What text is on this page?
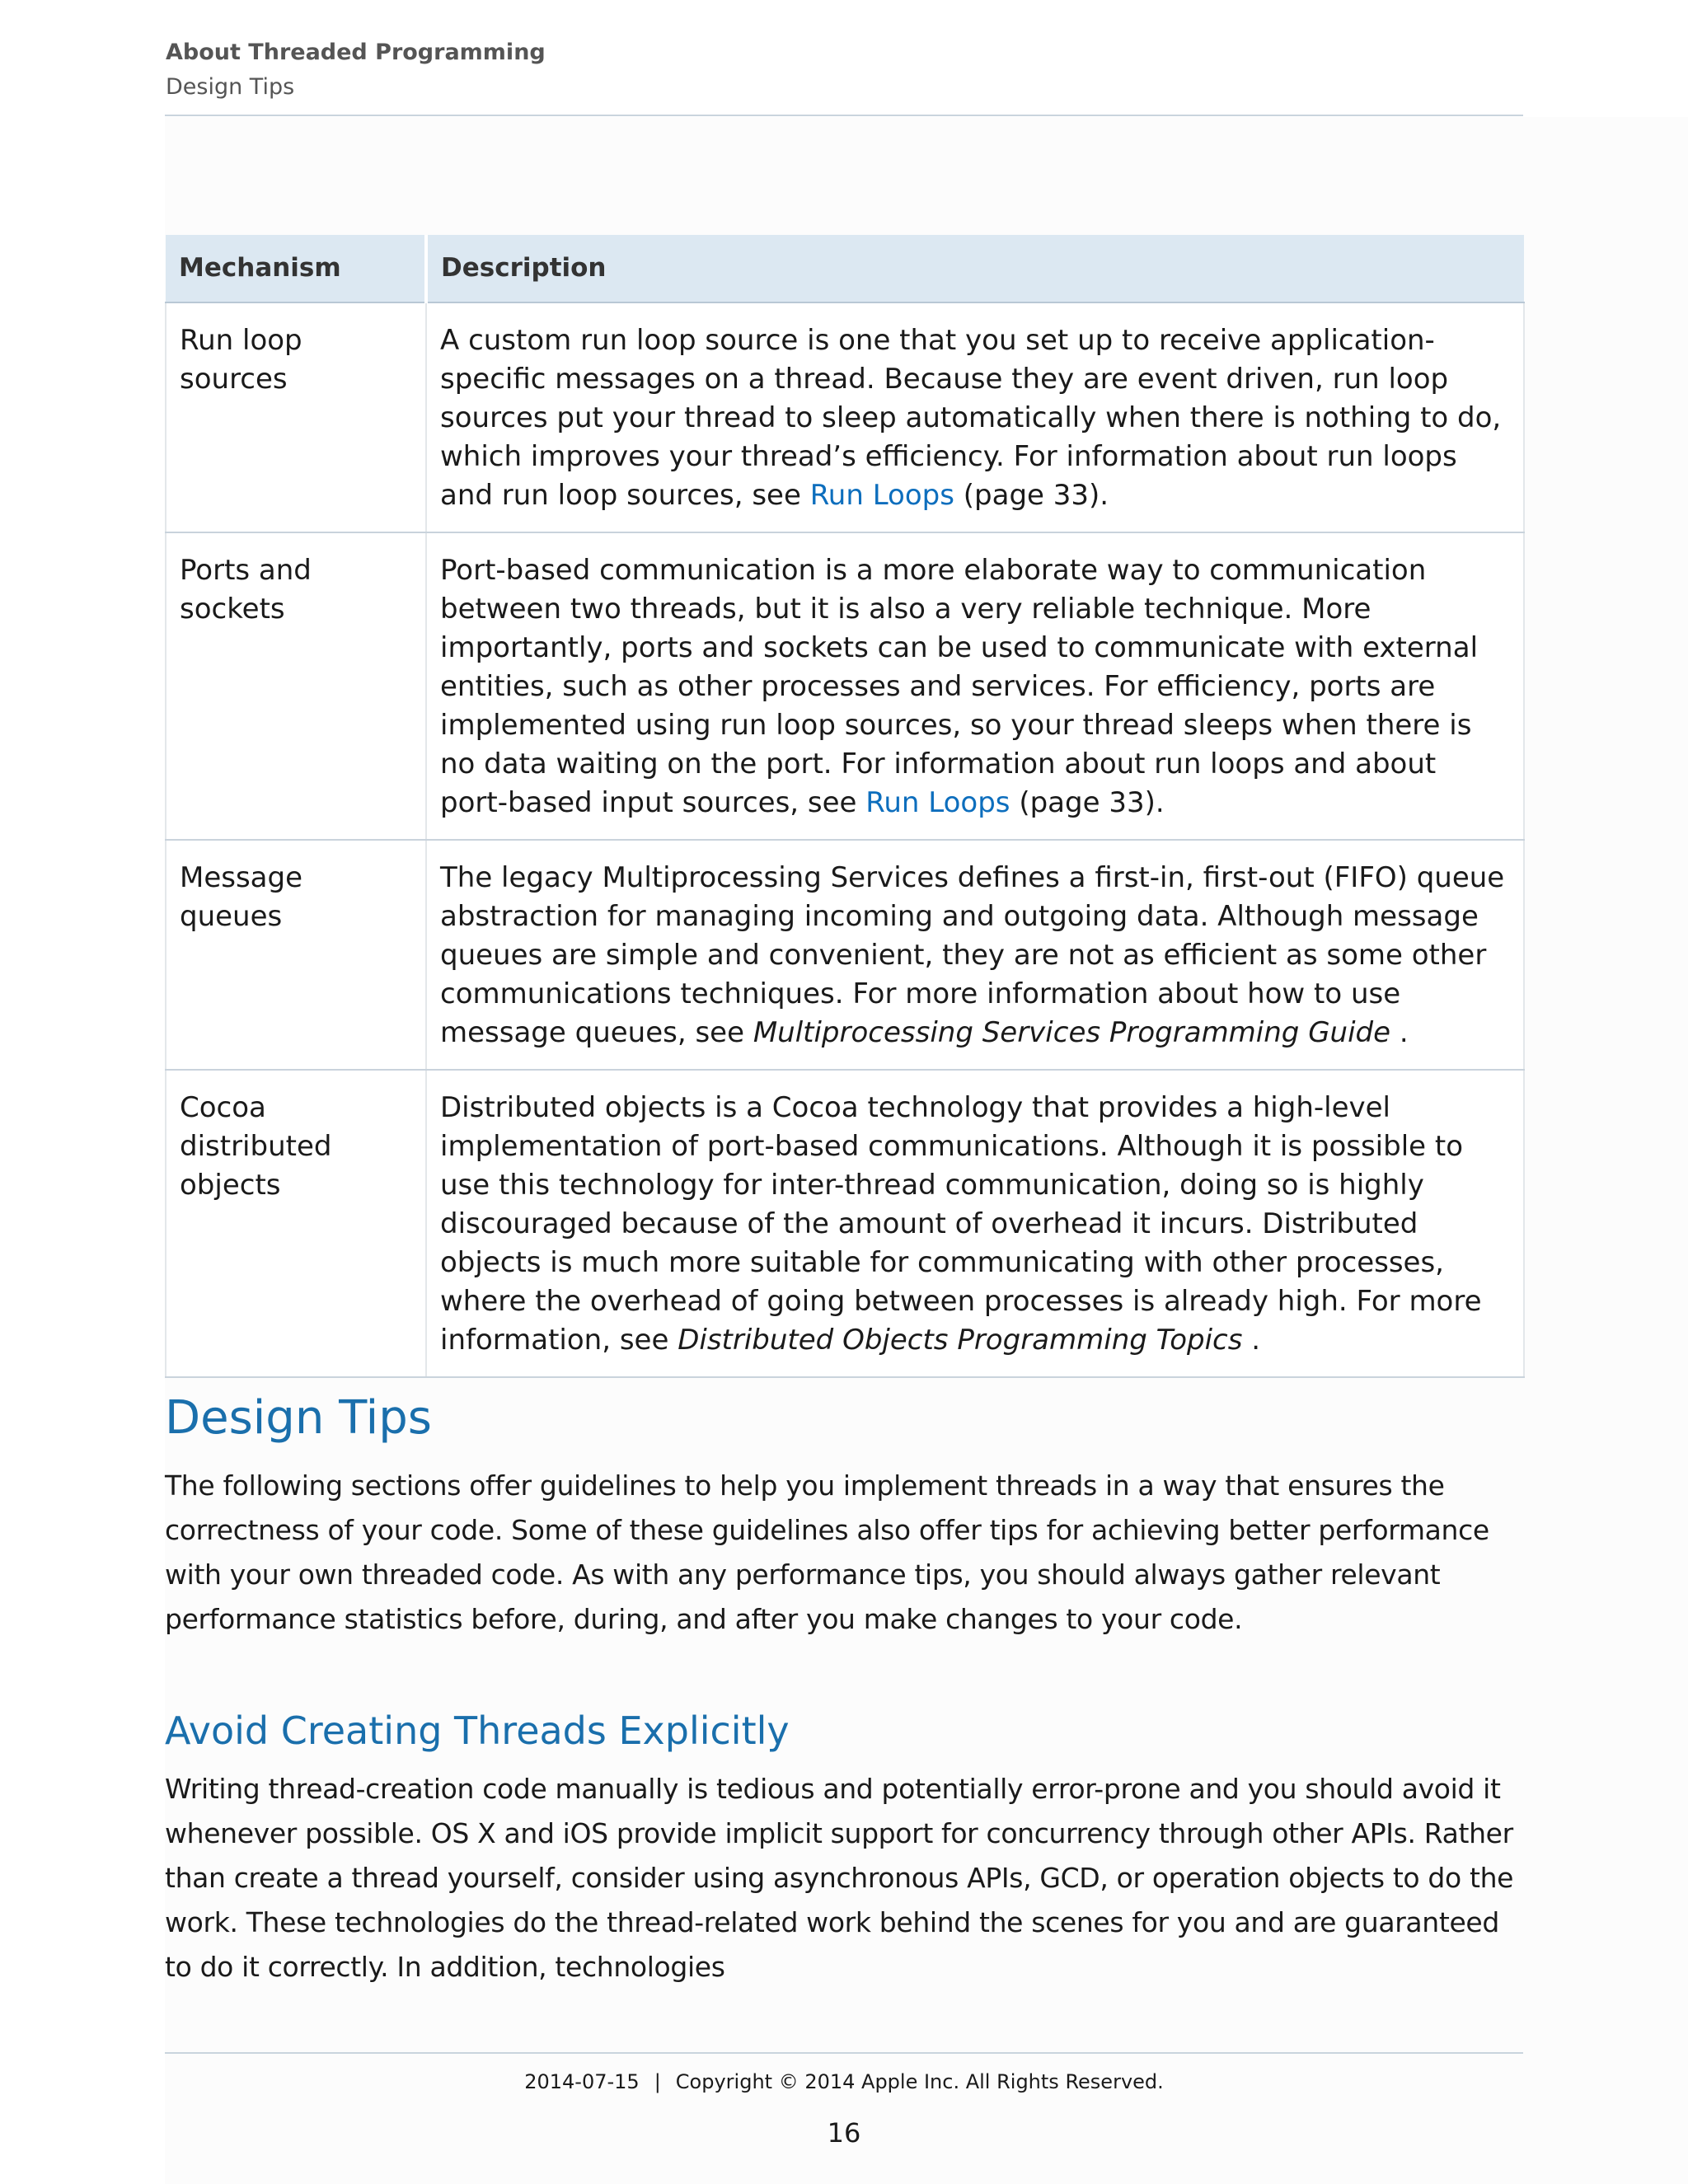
About Threaded Programming
Design Tips
Mechanism	Description
Run loop sources	A custom run loop source is one that you set up to receive application-specific messages on a thread. Because they are event driven, run loop sources put your thread to sleep automatically when there is nothing to do, which improves your thread’s efficiency. For information about run loops and run loop sources, see Run Loops (page 33).
Ports and sockets	Port-based communication is a more elaborate way to communication between two threads, but it is also a very reliable technique. More importantly, ports and sockets can be used to communicate with external entities, such as other processes and services. For efficiency, ports are implemented using run loop sources, so your thread sleeps when there is no data waiting on the port. For information about run loops and about port-based input sources, see Run Loops (page 33).
Message queues	The legacy Multiprocessing Services defines a first-in, first-out (FIFO) queue abstraction for managing incoming and outgoing data. Although message queues are simple and convenient, they are not as efficient as some other communications techniques. For more information about how to use message queues, see Multiprocessing Services Programming Guide .
Cocoa distributed objects	Distributed objects is a Cocoa technology that provides a high-level implementation of port-based communications. Although it is possible to use this technology for inter-thread communication, doing so is highly discouraged because of the amount of overhead it incurs. Distributed objects is much more suitable for communicating with other processes, where the overhead of going between processes is already high. For more information, see Distributed Objects Programming Topics .
Design Tips

The following sections offer guidelines to help you implement threads in a way that ensures the correctness of your code. Some of these guidelines also offer tips for achieving better performance with your own threaded code. As with any performance tips, you should always gather relevant performance statistics before, during, and after you make changes to your code.

Avoid Creating Threads Explicitly

Writing thread-creation code manually is tedious and potentially error-prone and you should avoid it whenever possible. OS X and iOS provide implicit support for concurrency through other APIs. Rather than create a thread yourself, consider using asynchronous APIs, GCD, or operation objects to do the work. These technologies do the thread-related work behind the scenes for you and are guaranteed to do it correctly. In addition, technologies

2014-07-15 | Copyright © 2014 Apple Inc. All Rights Reserved.
16
